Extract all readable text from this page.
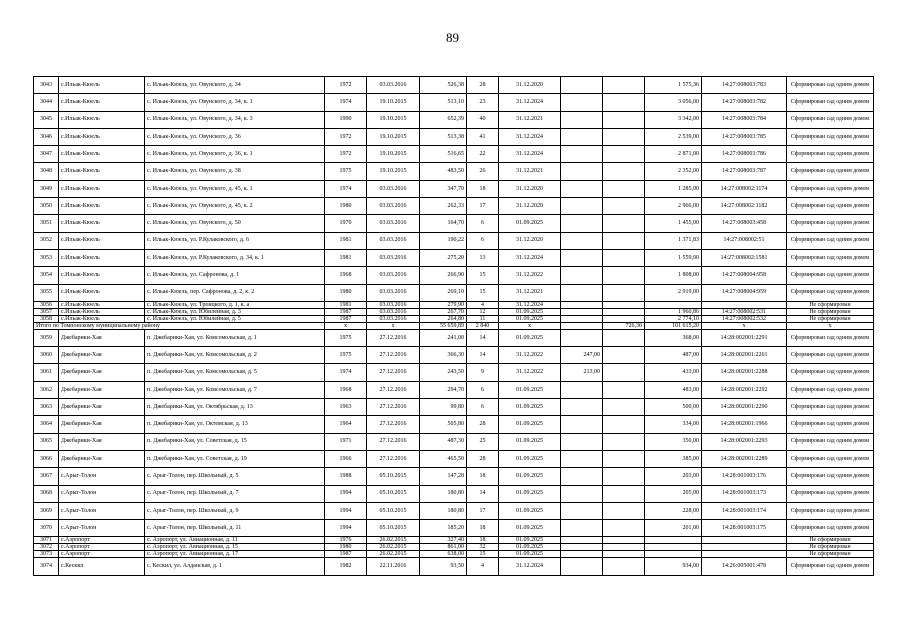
89
3043	с.Ильак-Кюель	с. Ильак-Кюель, ул. Овунского, д. 34	1972	03.03.2016	526,38	28	31.12.2020			1 575,36	14:27:008003:783	Сформирован сад одним домом
3044	с.Ильак-Кюель	с. Ильак-Кюель, ул. Овунского, д. 34, к. 1	1974	19.10.2015	513,10	23	31.12.2024			3 056,00	14:27:008003:782	Сформирован сад одним домом
3045	с.Ильак-Кюель	с. Ильак-Кюель, ул. Овунского, д. 34, к. 3	1990	19.10.2015	652,39	40	31.12.2021			3 342,00	14:27:008003:784	Сформирован сад одним домом
3046	с.Ильак-Кюель	с. Ильак-Кюель, ул. Овунского, д. 36	1972	19.10.2015	513,38	41	31.12.2024			2 539,00	14:27:008003:785	Сформирован сад одним домом
3047	с.Ильак-Кюель	с. Ильак-Кюель, ул. Овунского, д. 36, к. 1	1972	19.10.2015	516,65	22	31.12.2024			2 871,00	14:27:008003:786	Сформирован сад одним домом
3048	с.Ильак-Кюель	с. Ильак-Кюель, ул. Овунского, д. 38	1975	19.10.2015	483,50	26	31.12.2021			2 352,00	14:27:008003:787	Сформирован сад одним домом
3049	с.Ильак-Кюель	с. Ильак-Кюель, ул. Овунского, д. 45, к. 1	1974	03.03.2016	347,70	18	31.12.2020			1 285,00	14:27:008002:1174	Сформирован сад одним домом
3050	с.Ильак-Кюель	с. Ильак-Кюель, ул. Овунского, д. 45, к. 2	1980	03.03.2016	262,33	17	31.12.2020			2 966,00	14:27:008002:1182	Сформирован сад одним домом
3051	с.Ильак-Кюель	с. Ильак-Кюель, ул. Овунского, д. 50	1970	03.03.2016	164,70	6	01.09.2025			1 455,00	14:27:008003:458	Сформирован сад одним домом
3052	с.Ильак-Кюель	с. Ильак-Кюель, ул. Р.Кулаковского, д. 6	1981	03.03.2016	190,22	6	31.12.2020			1 371,83	14:27:008002:51	Сформирован сад одним домом
3053	с.Ильак-Кюель	с. Ильак-Кюель, ул. Р.Кулаковского, д. 34, к. 1	1981	03.03.2016	275,20	13	31.12.2024			1 559,00	14:27:008002:1581	Сформирован сад одним домом
3054	с.Ильак-Кюель	с. Ильак-Кюель, ул. Сафронова, д. 1	1968	03.03.2016	266,90	15	31.12.2022			1 808,00	14:27:008004:958	Сформирован сад одним домом
3055	с.Ильак-Кюель	с. Ильак-Кюель, пер. Сафронова, д. 2, к. 2	1980	03.03.2016	269,10	15	31.12.2021			2 919,00	14:27:008004:959	Сформирован сад одним домом
3056	с.Ильак-Кюель	с. Ильак-Кюель, ул. Троицкого, д. 1, к. а	1981	03.03.2016	279,90	4	31.12.2024					Не сформирован
3057	с.Ильак-Кюель	с. Ильак-Кюель, ул. Юбилейная, д. 3	1987	03.03.2016	267,70	12	01.09.2025			1 960,86	14:27:008002:531	Не сформирован
3058	с.Ильак-Кюель	с. Ильак-Кюель, ул. Юбилейная, д. 5	1987	03.03.2016	264,80	11	01.09.2025			2 774,10	14:27:008002:532	Не сформирован
Итого по Томпонскому муниципальному району			x	x	55 659,89	2 840	x		726,30	101 615,20	x	x
3059	Джебарики-Хая	п. Джебарики-Хая, ул. Комсомольская, д. 1	1975	27.12.2016	241,00	14	01.09.2025			368,00	14:28:002001:2291	Сформирован сад одним домом
3060	Джебарики-Хая	п. Джебарики-Хая, ул. Комсомольская, д. 2	1975	27.12.2016	366,30	14	31.12.2022	247,00		487,00	14:28:002001:2261	Сформирован сад одним домом
3061	Джебарики-Хая	п. Джебарики-Хая, ул. Комсомольская, д. 5	1974	27.12.2016	243,50	9	31.12.2022	213,00		433,00	14:28:002001:2288	Сформирован сад одним домом
3062	Джебарики-Хая	п. Джебарики-Хая, ул. Комсомольская, д. 7	1968	27.12.2016	294,70	6	01.09.2025			483,00	14:28:002001:2292	Сформирован сад одним домом
3063	Джебарики-Хая	п. Джебарики-Хая, ул. Октябрьская, д. 13	1963	27.12.2016	99,80	6	01.09.2025			500,00	14:28:002001:2290	Сформирован сад одним домом
3064	Джебарики-Хая	п. Джебарики-Хая, ул. Октемская, д. 13	1964	27.12.2016	505,80	28	01.09.2025			334,00	14:28:002001:1966	Сформирован сад одним домом
3065	Джебарики-Хая	п. Джебарики-Хая, ул. Советская, д. 15	1971	27.12.2016	487,30	25	01.09.2025			350,00	14:28:002001:2293	Сформирован сад одним домом
3066	Джебарики-Хая	п. Джебарики-Хая, ул. Советская, д. 19	1966	27.12.2016	465,50	28	01.09.2025			385,00	14:28:002001:2289	Сформирован сад одним домом
3067	с.Арыг-Толон	с. Арыг-Толон, пер. Школьный, д. 5	1988	05.10.2015	147,28	18	01.09.2025			203,00	14:28:001003:176	Сформирован сад одним домом
3068	с.Арыг-Толон	с. Арыг-Толон, пер. Школьный, д. 7	1994	05.10.2015	180,80	14	01.09.2025			205,00	14:28:001003:173	Сформирован сад одним домом
3069	с.Арыг-Толон	с. Арыг-Толон, пер. Школьный, д. 9	1994	05.10.2015	180,80	17	01.09.2025			228,00	14:28:001003:174	Сформирован сад одним домом
3070	с.Арыг-Толон	с. Арыг-Толон, пер. Школьный, д. 11	1994	05.10.2015	185,20	18	01.09.2025			201,00	14:28:001003:175	Сформирован сад одним домом
3071	с.Аэропорт	с. Аэропорт, ул. Авиационная, д. 11	1976	26.02.2015	327,40	18	01.09.2025					Не сформирован
3072	с.Аэропорт	с. Аэропорт, ул. Авиационная, д. 15	1980	26.02.2015	861,00	32	01.09.2025					Не сформирован
3073	с.Аэропорт	с. Аэропорт, ул. Авиационная, д. 17	1987	26.02.2015	638,00	15	01.09.2025					Не сформирован
3074	с.Кескил	с. Кескил, ул. Алданская, д. 1	1982	22.11.2016	93,50	4	31.12.2024			934,00	14:26:005001:478	Сформирован сад одним домом
